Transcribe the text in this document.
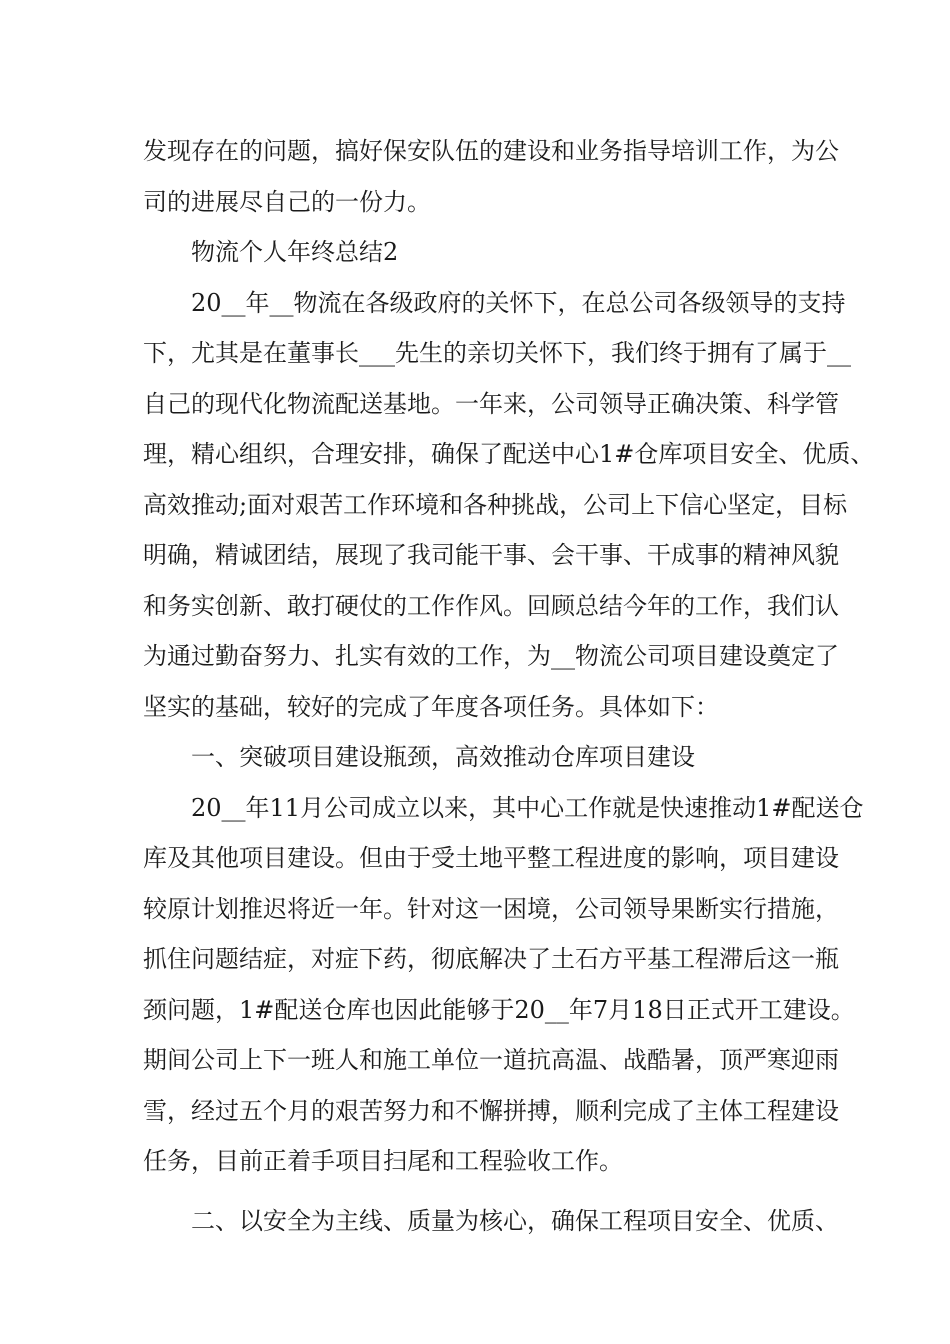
发现存在的问题，搞好保安队伍的建设和业务指导培训工作，为公
司的进展尽自己的一份力。
物流个人年终总结2
20__年__物流在各级政府的关怀下，在总公司各级领导的支持
下，尤其是在董事长___先生的亲切关怀下，我们终于拥有了属于__
自己的现代化物流配送基地。一年来，公司领导正确决策、科学管
理，精心组织，合理安排，确保了配送中心1#仓库项目安全、优质、
高效推动;面对艰苦工作环境和各种挑战，公司上下信心坚定，目标
明确，精诚团结，展现了我司能干事、会干事、干成事的精神风貌
和务实创新、敢打硬仗的工作作风。回顾总结今年的工作，我们认
为通过勤奋努力、扎实有效的工作，为__物流公司项目建设奠定了
坚实的基础，较好的完成了年度各项任务。具体如下：
一、突破项目建设瓶颈，高效推动仓库项目建设
20__年11月公司成立以来，其中心工作就是快速推动1#配送仓
库及其他项目建设。但由于受土地平整工程进度的影响，项目建设
较原计划推迟将近一年。针对这一困境，公司领导果断实行措施，
抓住问题结症，对症下药，彻底解决了土石方平基工程滞后这一瓶
颈问题，1#配送仓库也因此能够于20__年7月18日正式开工建设。
期间公司上下一班人和施工单位一道抗高温、战酷暑，顶严寒迎雨
雪，经过五个月的艰苦努力和不懈拼搏，顺利完成了主体工程建设
任务，目前正着手项目扫尾和工程验收工作。
二、以安全为主线、质量为核心，确保工程项目安全、优质、
